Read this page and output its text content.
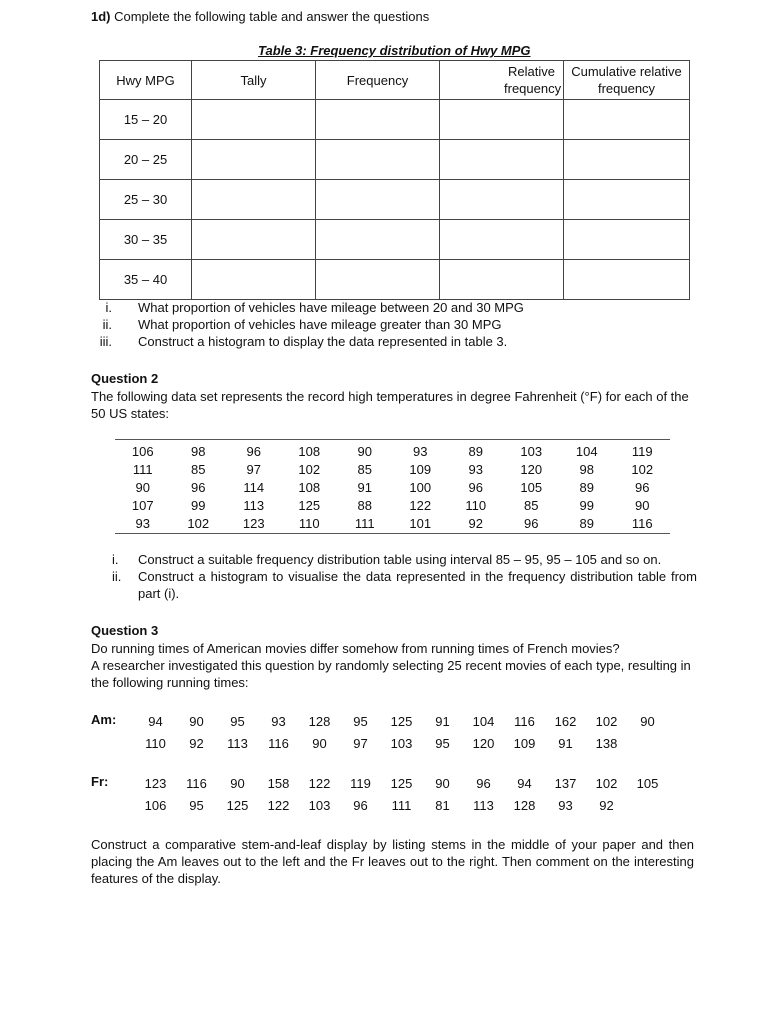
1d) Complete the following table and answer the questions
Table 3: Frequency distribution of Hwy MPG
Hwy MPG	Tally	Frequency	Relative frequency	Cumulative relative frequency

15 – 20				
20 – 25				
25 – 30				
30 – 35				
35 – 40				
i.	What proportion of vehicles have mileage between 20 and 30 MPG
ii.	What proportion of vehicles have mileage greater than 30 MPG
iii.	Construct a histogram to display the data represented in table 3.
Question 2
The following data set represents the record high temperatures in degree Fahrenheit (°F) for each of the 50 US states:
106	98	96	108	90	93	89	103	104	119
111	85	97	102	85	109	93	120	98	102
90	96	114	108	91	100	96	105	89	96
107	99	113	125	88	122	110	85	99	90
93	102	123	110	111	101	92	96	89	116
i.	Construct a suitable frequency distribution table using interval 85 – 95, 95 – 105 and so on.
ii.	Construct a histogram to visualise the data represented in the frequency distribution table from part (i).
Question 3
Do running times of American movies differ somehow from running times of French movies?
A researcher investigated this question by randomly selecting 25 recent movies of each type, resulting in the following running times:
Am:	94	90	95	93	128	95	125	91	104	116	162	102	90
110	92	113	116	90	97	103	95	120	109	91	138
Fr:	123	116	90	158	122	119	125	90	96	94	137	102	105
106	95	125	122	103	96	111	81	113	128	93	92
Construct a comparative stem-and-leaf display by listing stems in the middle of your paper and then placing the Am leaves out to the left and the Fr leaves out to the right. Then comment on the interesting features of the display.
